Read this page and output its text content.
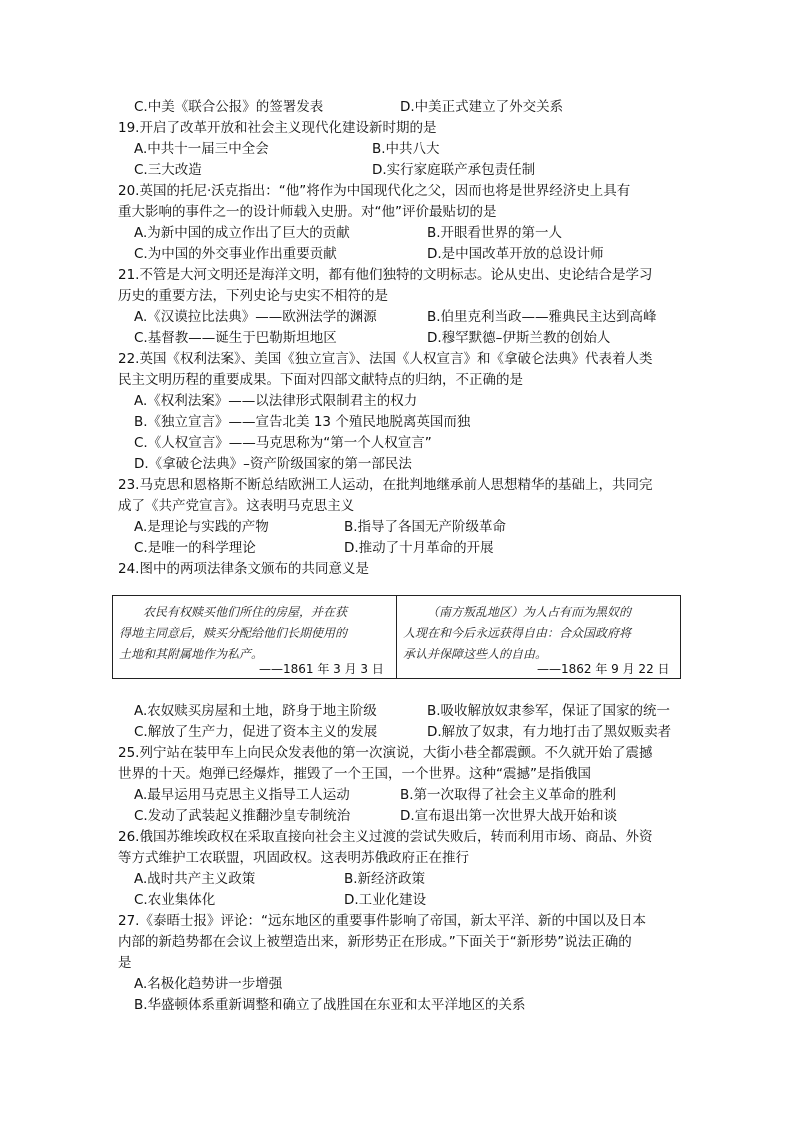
C.中美《联合公报》的签署发表	D.中美正式建立了外交关系
19.开启了改革开放和社会主义现代化建设新时期的是
A.中共十一届三中全会	B.中共八大
C.三大改造	D.实行家庭联产承包责任制
20.英国的托尼·沃克指出：“他”将作为中国现代化之父，因而也将是世界经济史上具有
重大影响的事件之一的设计师载入史册。对“他”评价最贴切的是
A.为新中国的成立作出了巨大的贡献	B.开眼看世界的第一人
C.为中国的外交事业作出重要贡献	D.是中国改革开放的总设计师
21.不管是大河文明还是海洋文明，都有他们独特的文明标志。论从史出、史论结合是学习
历史的重要方法，下列史论与史实不相符的是
A.《汉谟拉比法典》——欧洲法学的渊源	B.伯里克利当政——雅典民主达到高峰
C.基督教——诞生于巴勒斯坦地区	D.穆罕默德–伊斯兰教的创始人
22.英国《权利法案》、美国《独立宣言》、法国《人权宣言》和《拿破仑法典》代表着人类
民主文明历程的重要成果。下面对四部文献特点的归纳，不正确的是
A.《权利法案》——以法律形式限制君主的权力
B.《独立宣言》——宣告北美 13 个殖民地脱离英国而独
C.《人权宣言》——马克思称为“第一个人权宣言”
D.《拿破仑法典》–资产阶级国家的第一部民法
23.马克思和恩格斯不断总结欧洲工人运动，在批判地继承前人思想精华的基础上，共同完
成了《共产党宣言》。这表明马克思主义
A.是理论与实践的产物	B.指导了各国无产阶级革命
C.是唯一的科学理论	D.推动了十月革命的开展
24.图中的两项法律条文颁布的共同意义是

农民有权赎买他们所住的房屋，并在获

得地主同意后，赎买分配给他们长期使用的

土地和其附属地作为私产。

——1861 年 3 月 3 日

（南方叛乱地区）为人占有而为黑奴的

人现在和今后永远获得自由：合众国政府将

承认并保障这些人的自由。

——1862 年 9 月 22 日
A.农奴赎买房屋和土地，跻身于地主阶级	B.吸收解放奴隶参军，保证了国家的统一
C.解放了生产力，促进了资本主义的发展	D.解放了奴隶，有力地打击了黑奴贩卖者
25.列宁站在装甲车上向民众发表他的第一次演说，大街小巷全都震颤。不久就开始了震撼
世界的十天。炮弹已经爆炸，摧毁了一个王国，一个世界。这种“震撼”是指俄国
A.最早运用马克思主义指导工人运动	B.第一次取得了社会主义革命的胜利
C.发动了武装起义推翻沙皇专制统治	D.宣布退出第一次世界大战开始和谈
26.俄国苏维埃政权在采取直接向社会主义过渡的尝试失败后，转而利用市场、商品、外资
等方式维护工农联盟，巩固政权。这表明苏俄政府正在推行
A.战时共产主义政策	B.新经济政策
C.农业集体化	D.工业化建设
27.《泰晤士报》评论：“远东地区的重要事件影响了帝国，新太平洋、新的中国以及日本
内部的新趋势都在会议上被塑造出来，新形势正在形成。”下面关于“新形势”说法正确的
是
A.名极化趋势讲一步增强
B.华盛顿体系重新调整和确立了战胜国在东亚和太平洋地区的关系
